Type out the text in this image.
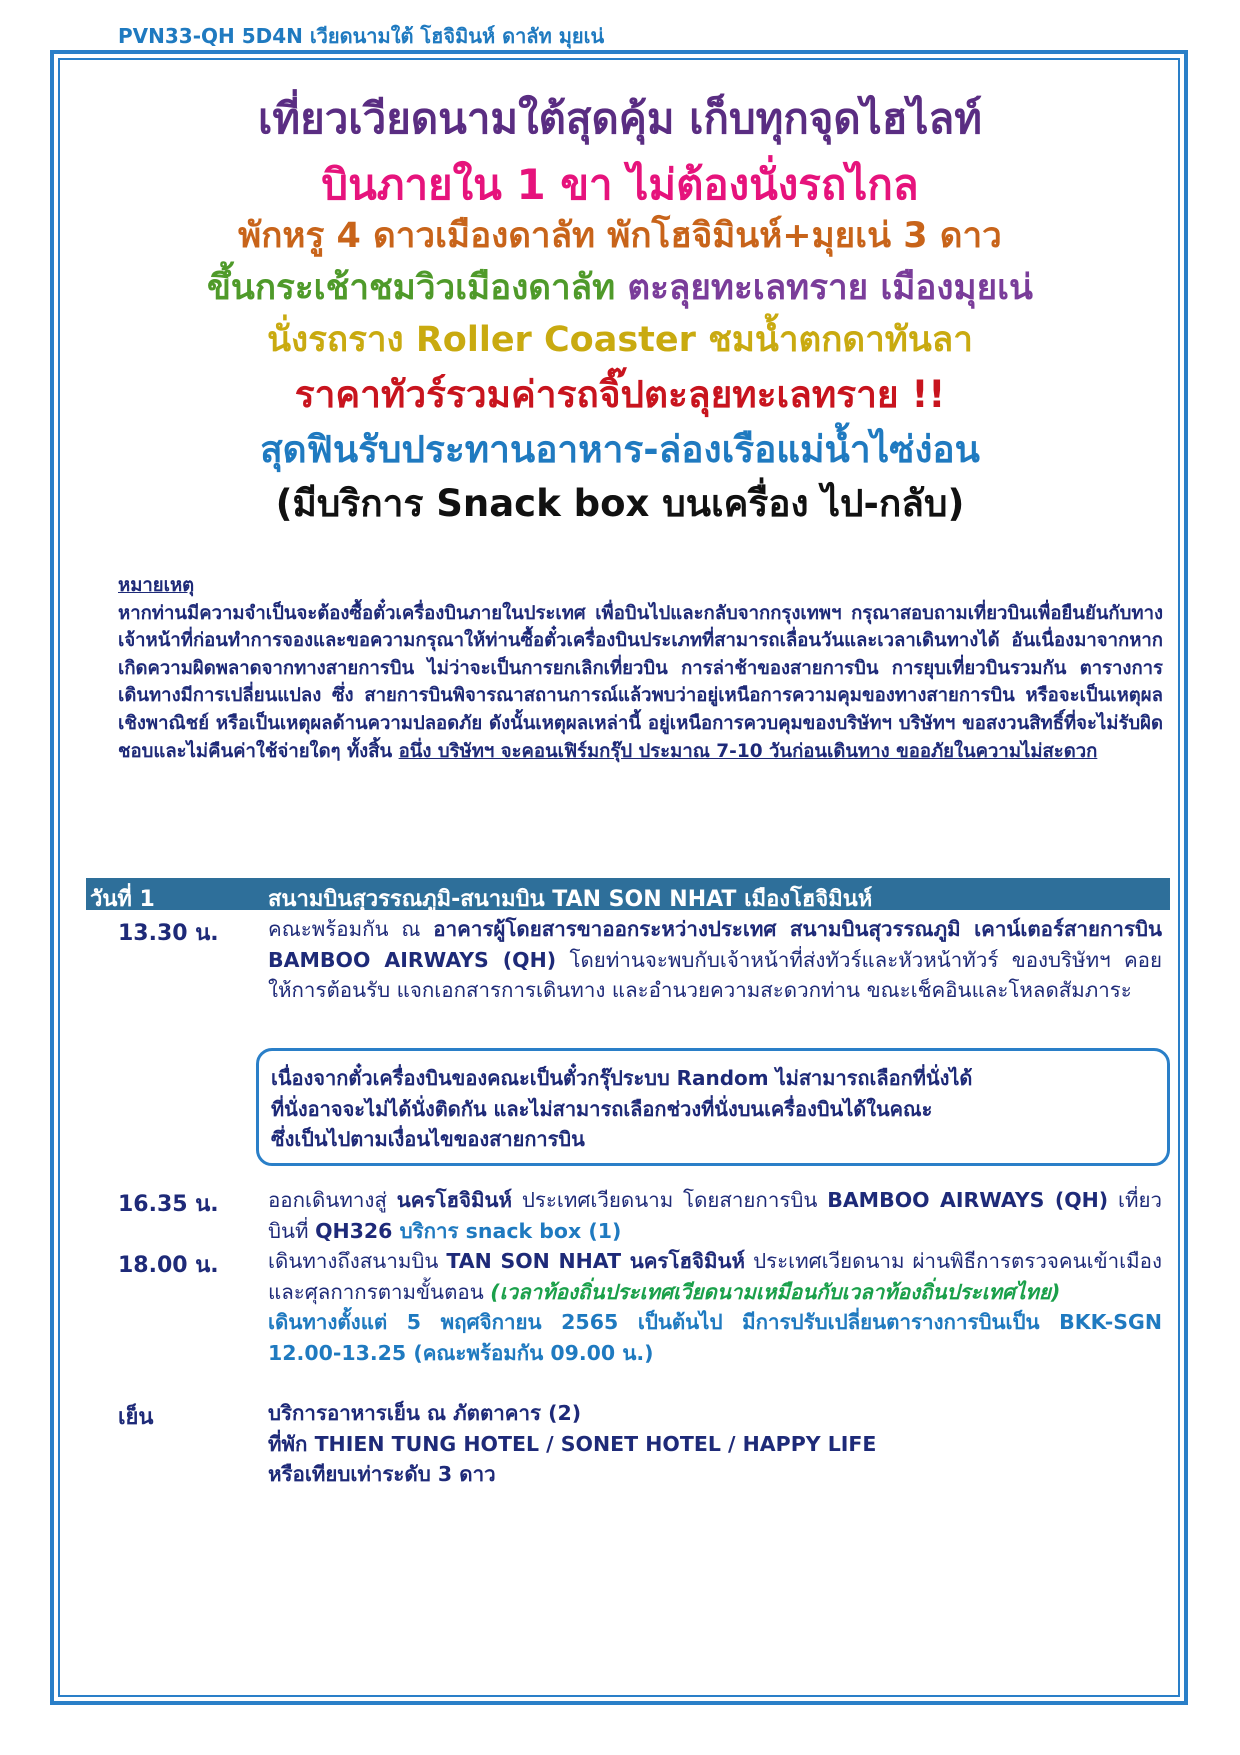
PVN33-QH 5D4N เวียดนามใต้ โฮจิมินห์ ดาลัท มุยเน่
เที่ยวเวียดนามใต้สุดคุ้ม เก็บทุกจุดไฮไลท์
บินภายใน 1 ขา ไม่ต้องนั่งรถไกล
พักหรู 4 ดาวเมืองดาลัท พักโฮจิมินห์+มุยเน่ 3 ดาว
ขึ้นกระเช้าชมวิวเมืองดาลัท ตะลุยทะเลทราย เมืองมุยเน่
นั่งรถราง Roller Coaster ชมน้ำตกดาทันลา
ราคาทัวร์รวมค่ารถจิ๊ปตะลุยทะเลทราย !!
สุดฟินรับประทานอาหาร-ล่องเรือแม่น้ำไซ่ง่อน
(มีบริการ Snack box บนเครื่อง ไป-กลับ)
หมายเหตุ
หากท่านมีความจำเป็นจะต้องซื้อตั๋วเครื่องบินภายในประเทศ เพื่อบินไปและกลับจากกรุงเทพฯ กรุณาสอบถามเที่ยวบินเพื่อยืนยันกับทางเจ้าหน้าที่ก่อนทำการจองและขอความกรุณาให้ท่านซื้อตั๋วเครื่องบินประเภทที่สามารถเลื่อนวันและเวลาเดินทางได้ อันเนื่องมาจากหากเกิดความผิดพลาดจากทางสายการบิน ไม่ว่าจะเป็นการยกเลิกเที่ยวบิน การล่าช้าของสายการบิน การยุบเที่ยวบินรวมกัน ตารางการเดินทางมีการเปลี่ยนแปลง ซึ่ง สายการบินพิจารณาสถานการณ์แล้วพบว่าอยู่เหนือการความคุมของทางสายการบิน หรือจะเป็นเหตุผลเชิงพาณิชย์ หรือเป็นเหตุผลด้านความปลอดภัย ดังนั้นเหตุผลเหล่านี้ อยู่เหนือการควบคุมของบริษัทฯ บริษัทฯ ขอสงวนสิทธิ์ที่จะไม่รับผิดชอบและไม่คืนค่าใช้จ่ายใดๆ ทั้งสิ้น อนึ่ง บริษัทฯ จะคอนเฟิร์มกรุ๊ป ประมาณ 7-10 วันก่อนเดินทาง ขออภัยในความไม่สะดวก
วันที่ 1	สนามบินสุวรรณภูมิ-สนามบิน TAN SON NHAT เมืองโฮจิมินห์
13.30 น. คณะพร้อมกัน ณ อาคารผู้โดยสารขาออกระหว่างประเทศ สนามบินสุวรรณภูมิ เคาน์เตอร์สายการบิน BAMBOO AIRWAYS (QH) โดยท่านจะพบกับเจ้าหน้าที่ส่งทัวร์และหัวหน้าทัวร์ ของบริษัทฯ คอยให้การต้อนรับ แจกเอกสารการเดินทาง และอำนวยความสะดวกท่าน ขณะเช็คอินและโหลดสัมภาระ
เนื่องจากตั๋วเครื่องบินของคณะเป็นตั๋วกรุ๊ประบบ Random ไม่สามารถเลือกที่นั่งได้
ที่นั่งอาจจะไม่ได้นั่งติดกัน และไม่สามารถเลือกช่วงที่นั่งบนเครื่องบินได้ในคณะ
ซึ่งเป็นไปตามเงื่อนไขของสายการบิน
16.35 น. ออกเดินทางสู่ นครโฮจิมินห์ ประเทศเวียดนาม โดยสายการบิน BAMBOO AIRWAYS (QH) เที่ยวบินที่ QH326 บริการ snack box (1)
18.00 น. เดินทางถึงสนามบิน TAN SON NHAT นครโฮจิมินห์ ประเทศเวียดนาม ผ่านพิธีการตรวจคนเข้าเมือง และศุลกากรตามขั้นตอน (เวลาท้องถิ่นประเทศเวียดนามเหมือนกับเวลาท้องถิ่นประเทศไทย)
เดินทางตั้งแต่ 5 พฤศจิกายน 2565 เป็นต้นไป มีการปรับเปลี่ยนตารางการบินเป็น BKK-SGN 12.00-13.25 (คณะพร้อมกัน 09.00 น.)
เย็น	บริการอาหารเย็น ณ ภัตตาคาร (2)
ที่พัก THIEN TUNG HOTEL / SONET HOTEL / HAPPY LIFE
หรือเทียบเท่าระดับ 3 ดาว
